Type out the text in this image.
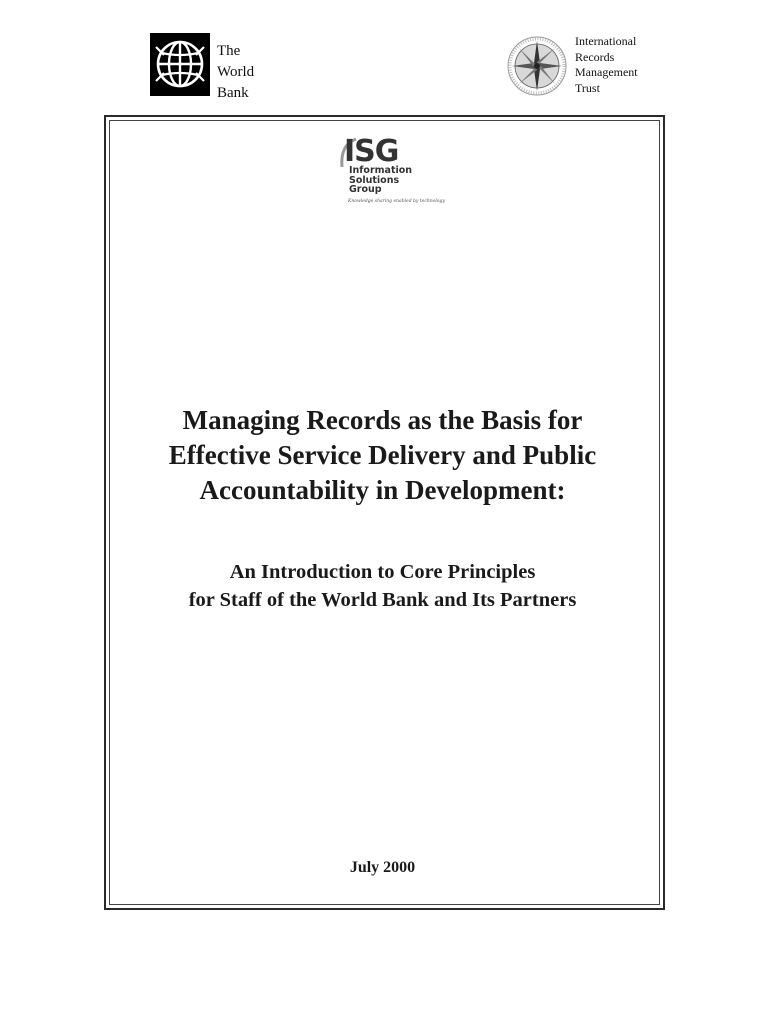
The
World
Bank
International
Records
Management
Trust
ISG
Information
Solutions
Group
Knowledge sharing enabled by technology
Managing Records as the Basis for
Effective Service Delivery and Public
Accountability in Development:
An Introduction to Core Principles
for Staff of the World Bank and Its Partners
July 2000
